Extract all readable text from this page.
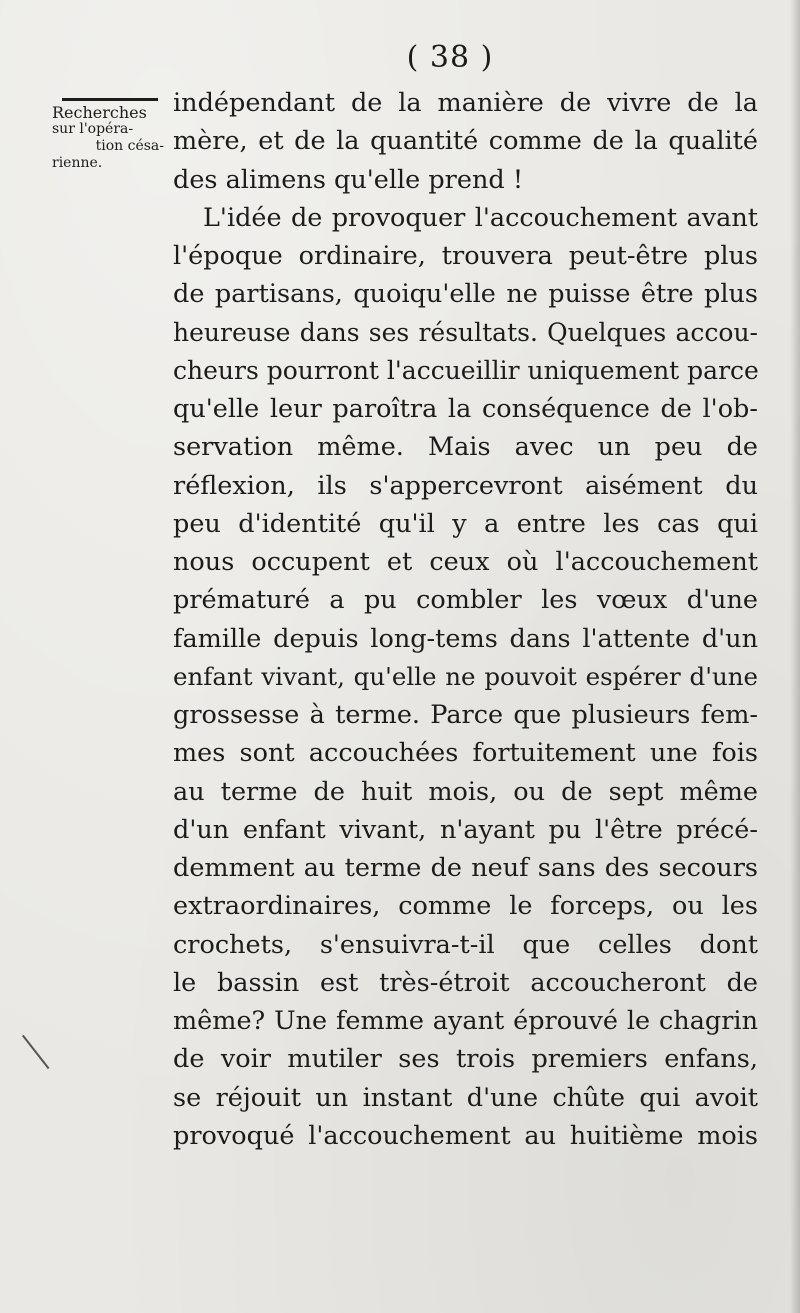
( 38 )
Recherches
sur l'opéra-
tion césa-
rienne.
indépendant de la manière de vivre de la
mère, et de la quantité comme de la qualité
des alimens qu'elle prend !
L'idée de provoquer l'accouchement avant
l'époque ordinaire, trouvera peut-être plus
de partisans, quoiqu'elle ne puisse être plus
heureuse dans ses résultats. Quelques accou-
cheurs pourront l'accueillir uniquement parce
qu'elle leur paroîtra la conséquence de l'ob-
servation même. Mais avec un peu de
réflexion, ils s'appercevront aisément du
peu d'identité qu'il y a entre les cas qui
nous occupent et ceux où l'accouchement
prématuré a pu combler les vœux d'une
famille depuis long-tems dans l'attente d'un
enfant vivant, qu'elle ne pouvoit espérer d'une
grossesse à terme. Parce que plusieurs fem-
mes sont accouchées fortuitement une fois
au terme de huit mois, ou de sept même
d'un enfant vivant, n'ayant pu l'être précé-
demment au terme de neuf sans des secours
extraordinaires, comme le forceps, ou les
crochets, s'ensuivra-t-il que celles dont
le bassin est très-étroit accoucheront de
même? Une femme ayant éprouvé le chagrin
de voir mutiler ses trois premiers enfans,
se réjouit un instant d'une chûte qui avoit
provoqué l'accouchement au huitième mois
